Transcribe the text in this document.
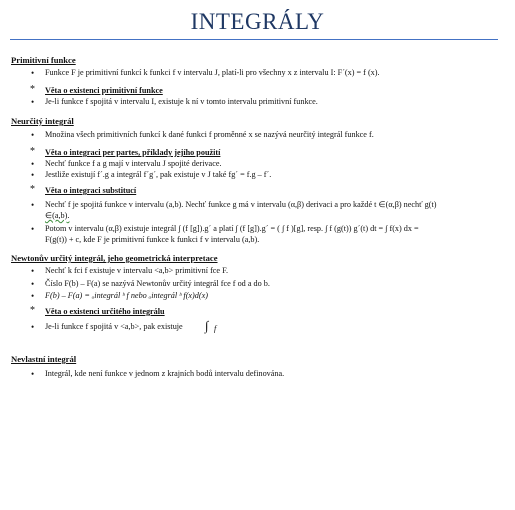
INTEGRÁLY
Primitivní funkce
• Funkce F je primitivní funkcí k funkci f v intervalu J, platí-li pro všechny x z intervalu I: F´(x) = f (x).
* Věta o existenci primitivní funkce
• Je-li funkce f spojitá v intervalu I, existuje k ní v tomto intervalu primitivní funkce.
Neurčitý integrál
• Množina všech primitivních funkcí k dané funkci f proměnné x se nazývá neurčitý integrál funkce f.
* Věta o integraci per partes, příklady jejího použití
• Nechť funkce f a g mají v intervalu J spojité derivace.
• Jestliže existují f´.g a integrál f´g´, pak existuje v J také fg´ = f.g – f´.
* Věta o integraci substitucí
• Nechť f je spojitá funkce v intervalu (a,b). Nechť funkce g má v intervalu (α,β) derivaci a pro každé t ∈(α,β) nechť g(t)
∈(a,b).
• Potom v intervalu (α,β) existuje integrál ∫ (f [g]).g´ a platí ∫ (f [g]).g´ = ( ∫ f )[g], resp. ∫ f (g(t)) g´(t) dt = ∫ f(x) dx =
F(g(t)) + c, kde F je primitivní funkce k funkci f v intervalu (a,b).
Newtonův určitý integrál, jeho geometrická interpretace
• Nechť k fci f existuje v intervalu <a,b> primitivní fce F.
• Číslo F(b) – F(a) se nazývá Newtonův určitý integrál fce f od a do b.
• F(b) – F(a) = ₐintegrál ᵇ f nebo ₐintegrál ᵇ f(x)d(x)
* Věta o existenci určitého integrálu
• Je-li funkce f spojitá v <a,b>, pak existuje	∫ f
Nevlastní integrál
• Integrál, kde není funkce v jednom z krajních bodů intervalu definována.
